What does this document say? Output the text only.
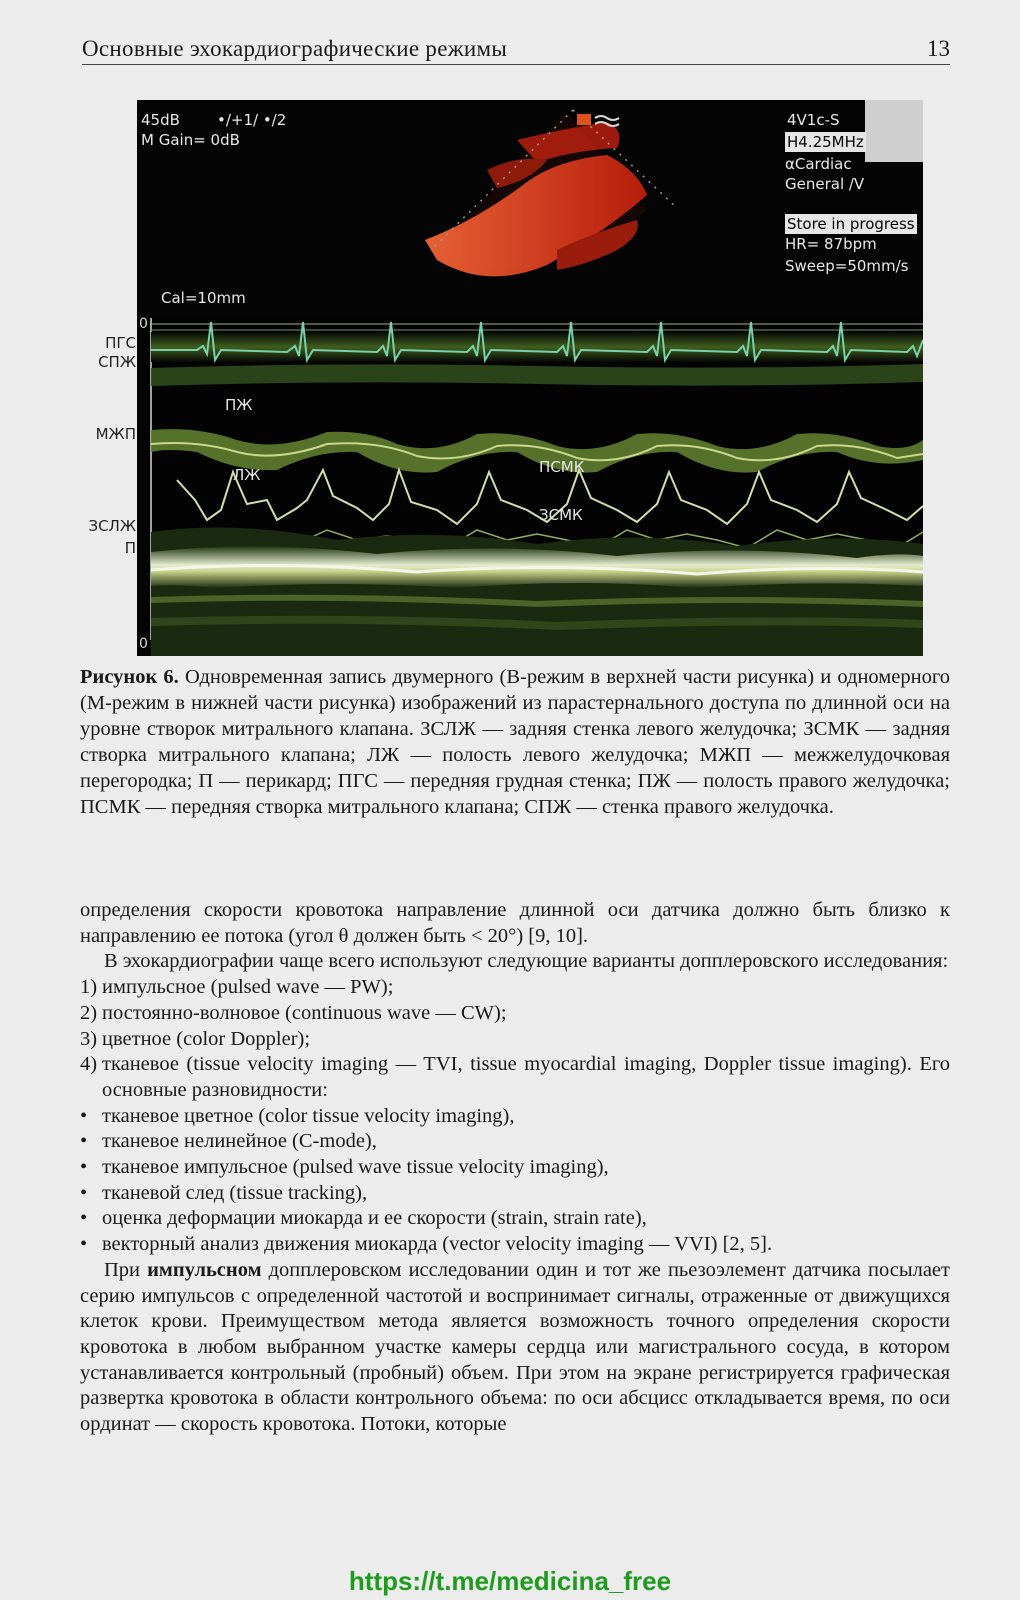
Основные эхокардиографические режимы	13
ПГС
СПЖ
МЖП
ЗСЛЖ
П
0
0
45dB •/+1/ •/2
M Gain= 0dB
4V1c-S
H4.25MHz
αCardiac
General /V
Store in progress
HR= 87bpm
Sweep=50mm/s
Cal=10mm
ПЖ
ЛЖ	ПСМК
ЗСМК
Рисунок 6. Одновременная запись двумерного (В-режим в верхней части рисунка) и одномерного (М-режим в нижней части рисунка) изображений из парастернального доступа по длинной оси на уровне створок митрального клапана. ЗСЛЖ — задняя стенка левого желудочка; ЗСМК — задняя створка митрального клапана; ЛЖ — полость левого желудочка; МЖП — межжелудочковая перегородка; П — перикард; ПГС — передняя грудная стенка; ПЖ — полость правого желудочка; ПСМК — передняя створка митрального клапана; СПЖ — стенка правого желудочка.

определения скорости кровотока направление длинной оси датчика должно быть близко к направлению ее потока (угол θ должен быть < 20°) [9, 10].

В эхокардиографии чаще всего используют следующие варианты допплеровского исследования:

1) импульсное (pulsed wave — PW);
2) постоянно-волновое (continuous wave — CW);
3) цветное (color Doppler);
4) тканевое (tissue velocity imaging — TVI, tissue myocardial imaging, Doppler tissue imaging). Его основные разновидности:
• тканевое цветное (color tissue velocity imaging),
• тканевое нелинейное (С-mode),
• тканевое импульсное (pulsed wave tissue velocity imaging),
• тканевой след (tissue tracking),
• оценка деформации миокарда и ее скорости (strain, strain rate),
• векторный анализ движения миокарда (vector velocity imaging — VVI) [2, 5].

При импульсном допплеровском исследовании один и тот же пьезоэлемент датчика посылает серию импульсов с определенной частотой и воспринимает сигналы, отраженные от движущихся клеток крови. Преимуществом метода является возможность точного определения скорости кровотока в любом выбранном участке камеры сердца или магистрального сосуда, в котором устанавливается контрольный (пробный) объем. При этом на экране регистрируется графическая развертка кровотока в области контрольного объема: по оси абсцисс откладывается время, по оси ординат — скорость кровотока. Потоки, которые

https://t.me/medicina_free
